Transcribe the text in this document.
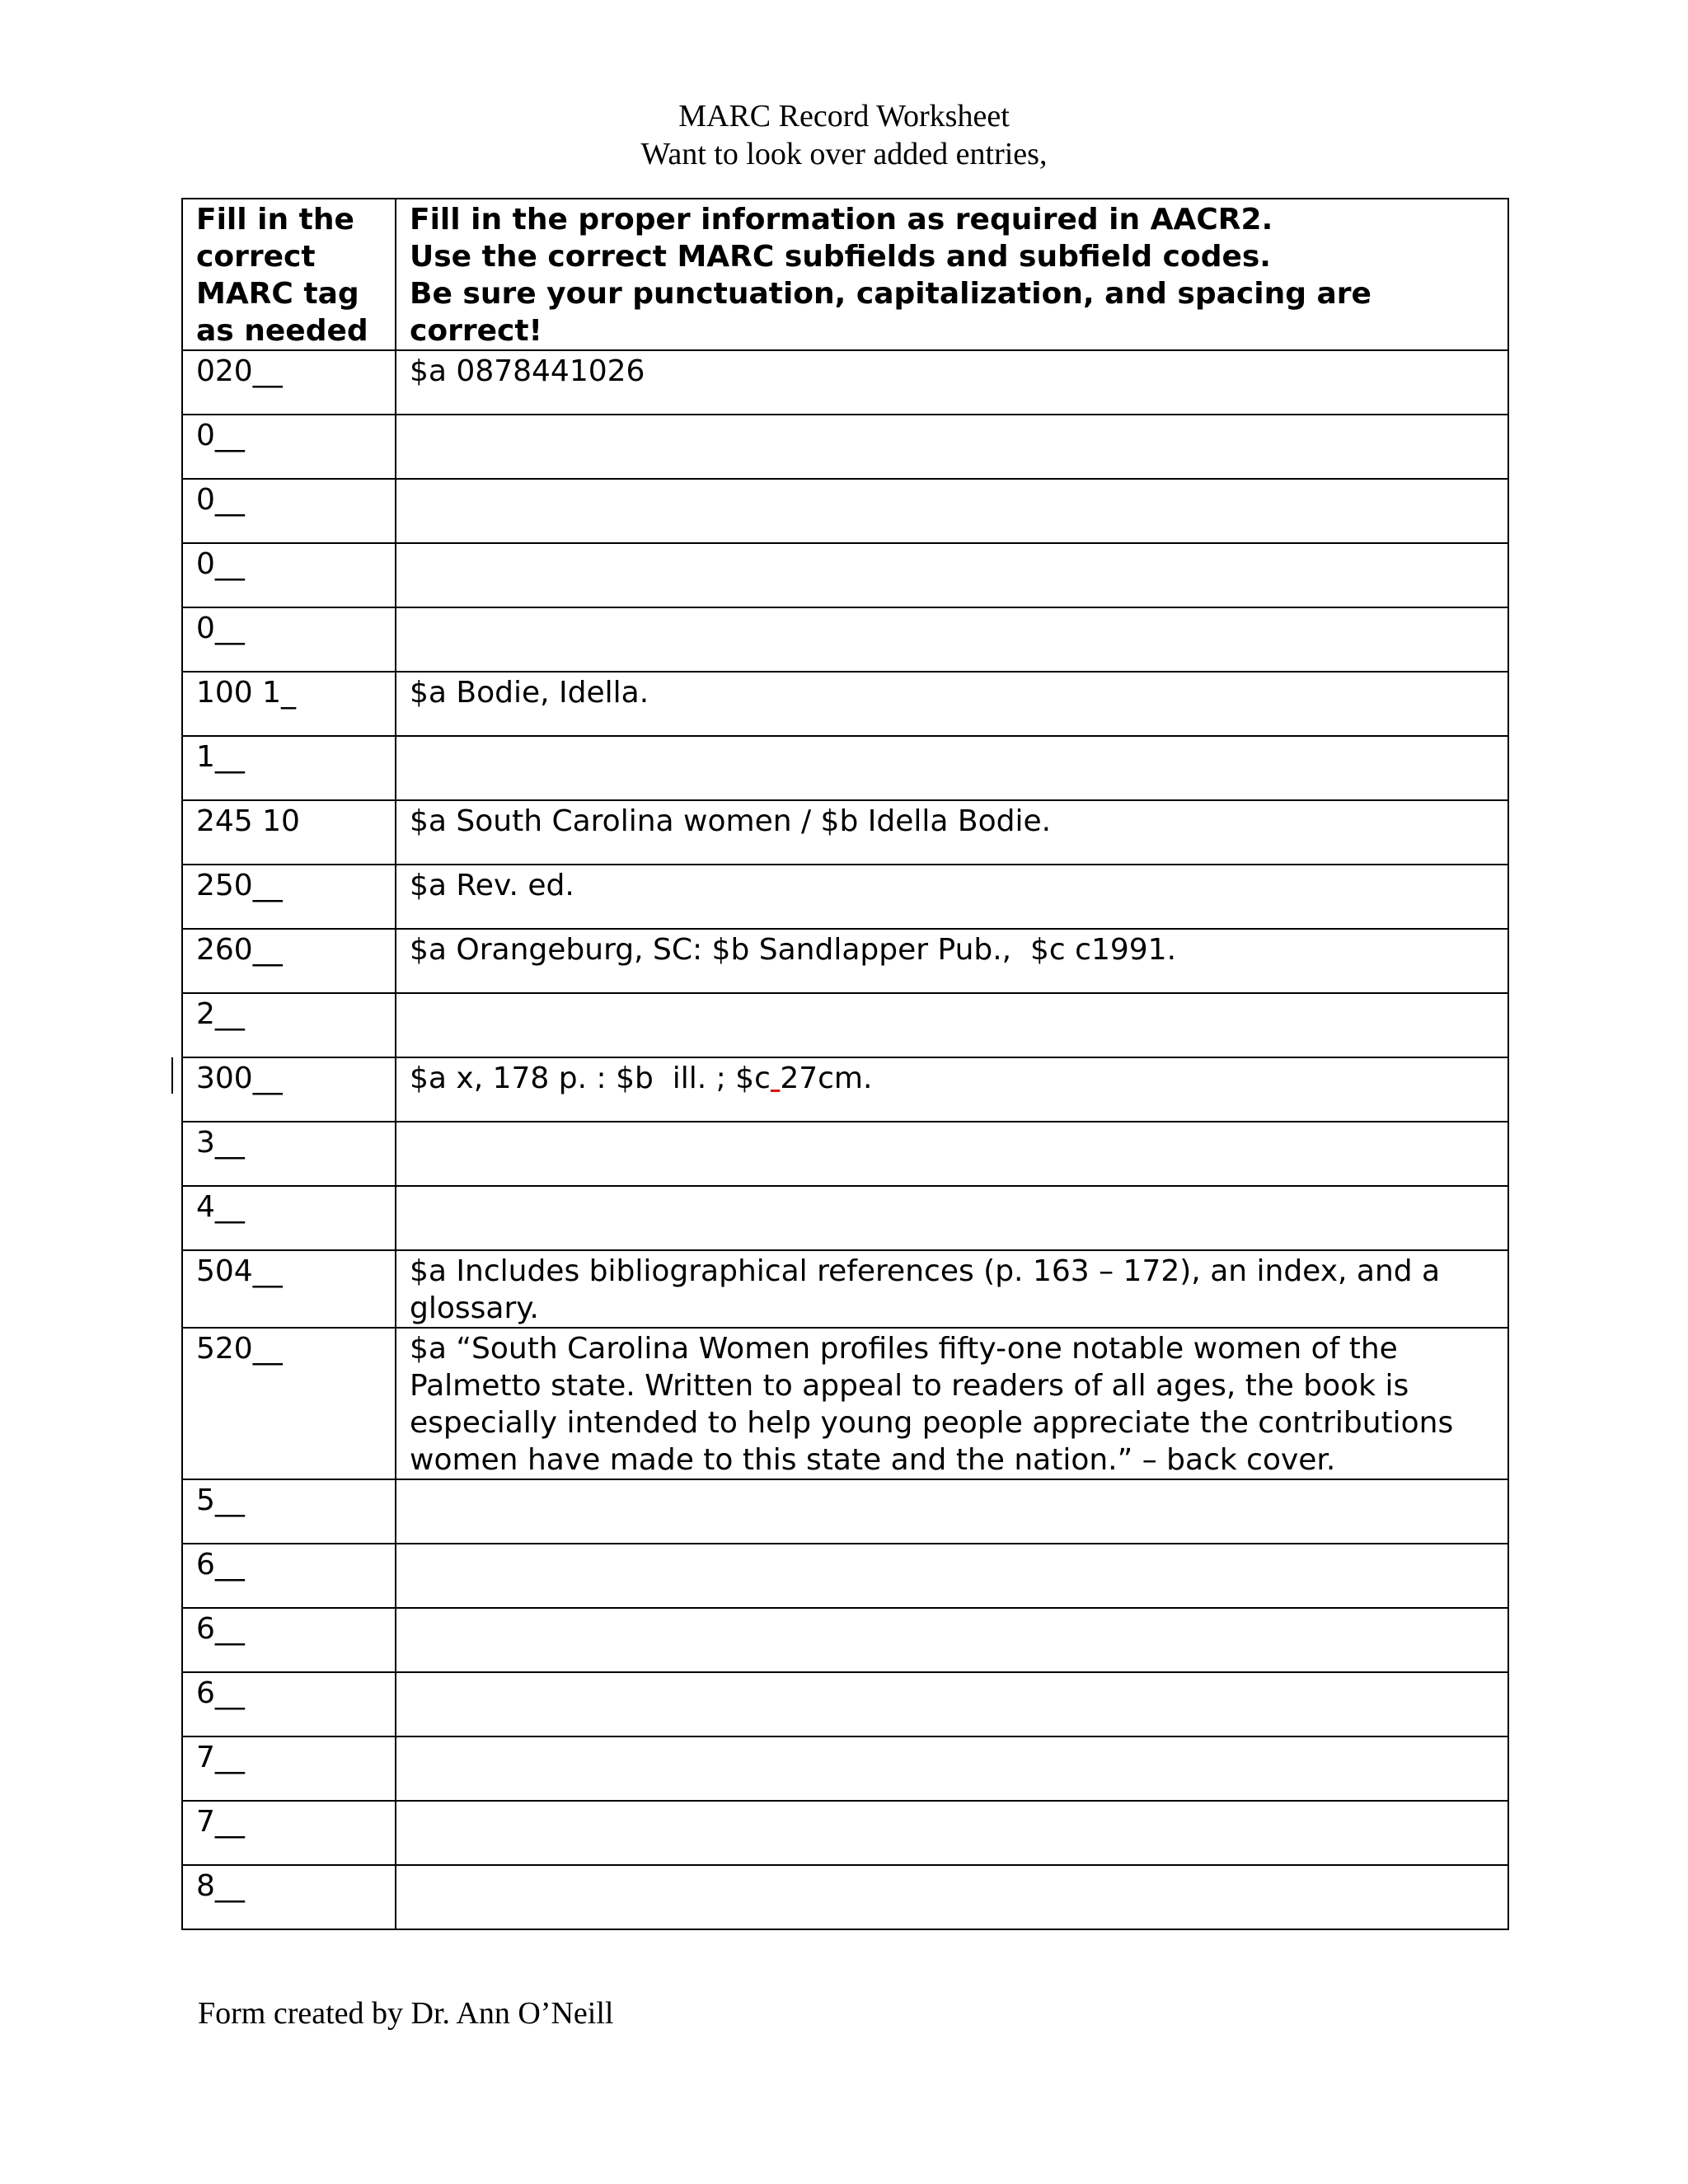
MARC Record Worksheet
Want to look over added entries,
Fill in the
correct
MARC tag
as needed	Fill in the proper information as required in AACR2.
Use the correct MARC subfields and subfield codes.
Be sure your punctuation, capitalization, and spacing are
correct!

020__	$a 0878441026
0__	
0__	
0__	
0__	
100 1_	$a Bodie, Idella.
1__	
245 10	$a South Carolina women / $b Idella Bodie.
250__	$a Rev. ed.
260__	$a Orangeburg, SC: $b Sandlapper Pub.,  $c c1991.
2__	
300__	$a x, 178 p. : $b  ill. ; $c 27cm.
3__	
4__	
504__	$a Includes bibliographical references (p. 163 – 172), an index, and a
glossary.

520__	$a “South Carolina Women profiles fifty-one notable women of the
Palmetto state. Written to appeal to readers of all ages, the book is
especially intended to help young people appreciate the contributions
women have made to this state and the nation.” – back cover.

5__	
6__	
6__	
6__	
7__	
7__	
8__	
Form created by Dr. Ann O’Neill
